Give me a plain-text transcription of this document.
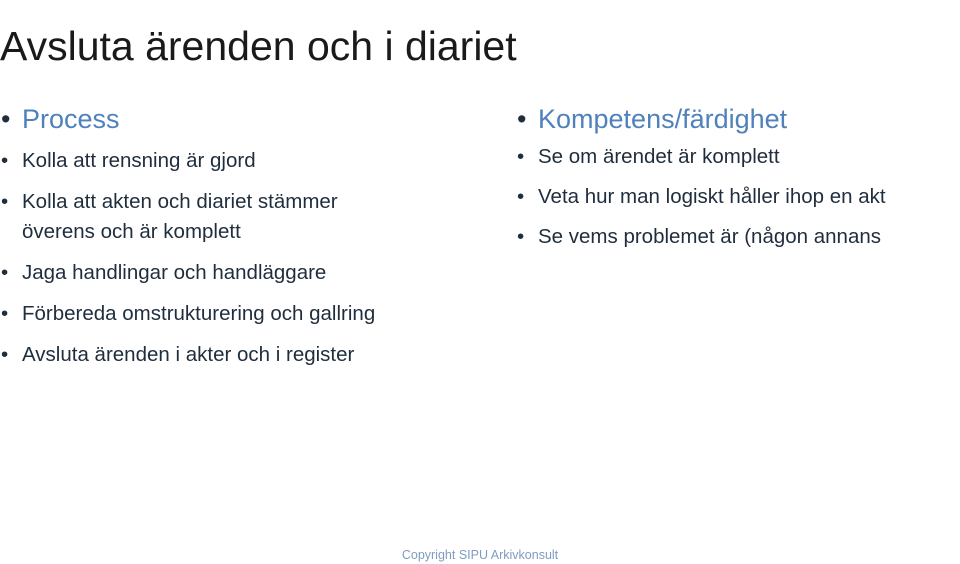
Avsluta ärenden och i diariet
• Process
• Kolla att rensning är gjord
• Kolla att akten och diariet stämmer
överens och är komplett
• Jaga handlingar och handläggare
• Förbereda omstrukturering och gallring
• Avsluta ärenden i akter och i register
• Kompetens/färdighet
• Se om ärendet är komplett
• Veta hur man logiskt håller ihop en akt
• Se vems problemet är (någon annans
Copyright SIPU Arkivkonsult
